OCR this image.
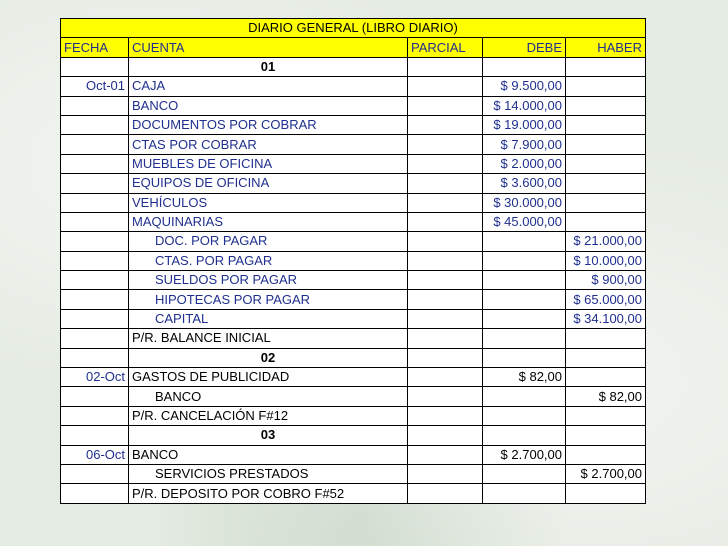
DIARIO GENERAL (LIBRO DIARIO)				
FECHA	CUENTA	PARCIAL	DEBE	HABER
	01			
Oct-01	CAJA		$ 9.500,00	
	BANCO		$ 14.000,00	
	DOCUMENTOS POR COBRAR		$ 19.000,00	
	CTAS POR COBRAR		$ 7.900,00	
	MUEBLES DE OFICINA		$ 2.000,00	
	EQUIPOS DE OFICINA		$ 3.600,00	
	VEHÍCULOS		$ 30.000,00	
	MAQUINARIAS		$ 45.000,00	
	DOC. POR PAGAR			$ 21.000,00
	CTAS. POR PAGAR			$ 10.000,00
	SUELDOS POR PAGAR			$ 900,00
	HIPOTECAS POR PAGAR			$ 65.000,00
	CAPITAL			$ 34.100,00
	P/R. BALANCE INICIAL			
	02			
02-Oct	GASTOS DE PUBLICIDAD		$ 82,00	
	BANCO			$ 82,00
	P/R. CANCELACIÓN F#12			
	03			
06-Oct	BANCO		$ 2.700,00	
	SERVICIOS PRESTADOS			$ 2.700,00
	P/R. DEPOSITO POR COBRO F#52			
